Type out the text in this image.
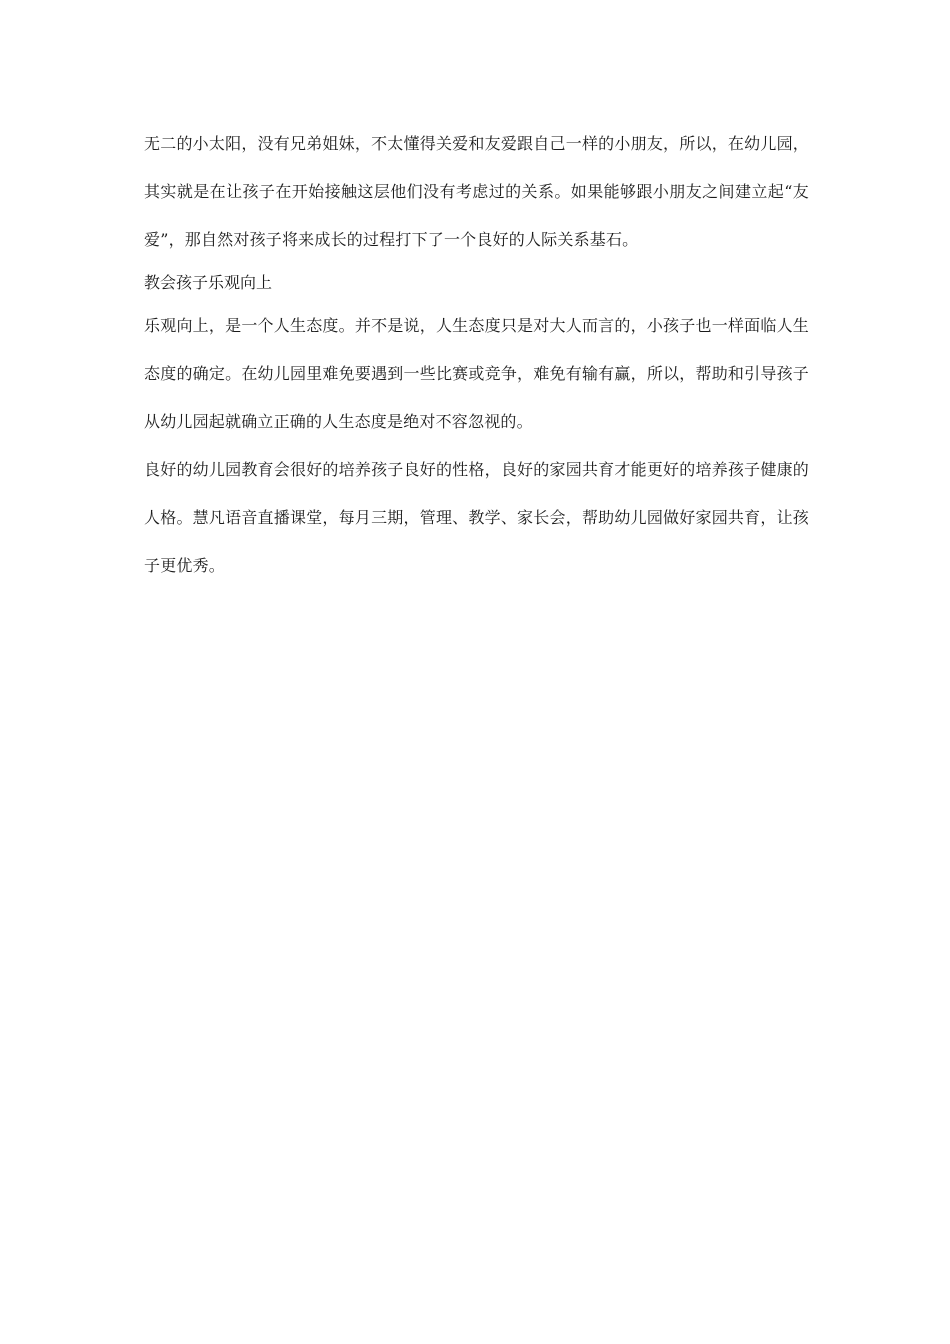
无二的小太阳，没有兄弟姐妹，不太懂得关爱和友爱跟自己一样的小朋友，所以，在幼儿园，其实就是在让孩子在开始接触这层他们没有考虑过的关系。如果能够跟小朋友之间建立起“友爱”，那自然对孩子将来成长的过程打下了一个良好的人际关系基石。

教会孩子乐观向上

乐观向上，是一个人生态度。并不是说，人生态度只是对大人而言的，小孩子也一样面临人生态度的确定。在幼儿园里难免要遇到一些比赛或竞争，难免有输有赢，所以，帮助和引导孩子从幼儿园起就确立正确的人生态度是绝对不容忽视的。

良好的幼儿园教育会很好的培养孩子良好的性格，良好的家园共育才能更好的培养孩子健康的人格。慧凡语音直播课堂，每月三期，管理、教学、家长会，帮助幼儿园做好家园共育，让孩子更优秀。
